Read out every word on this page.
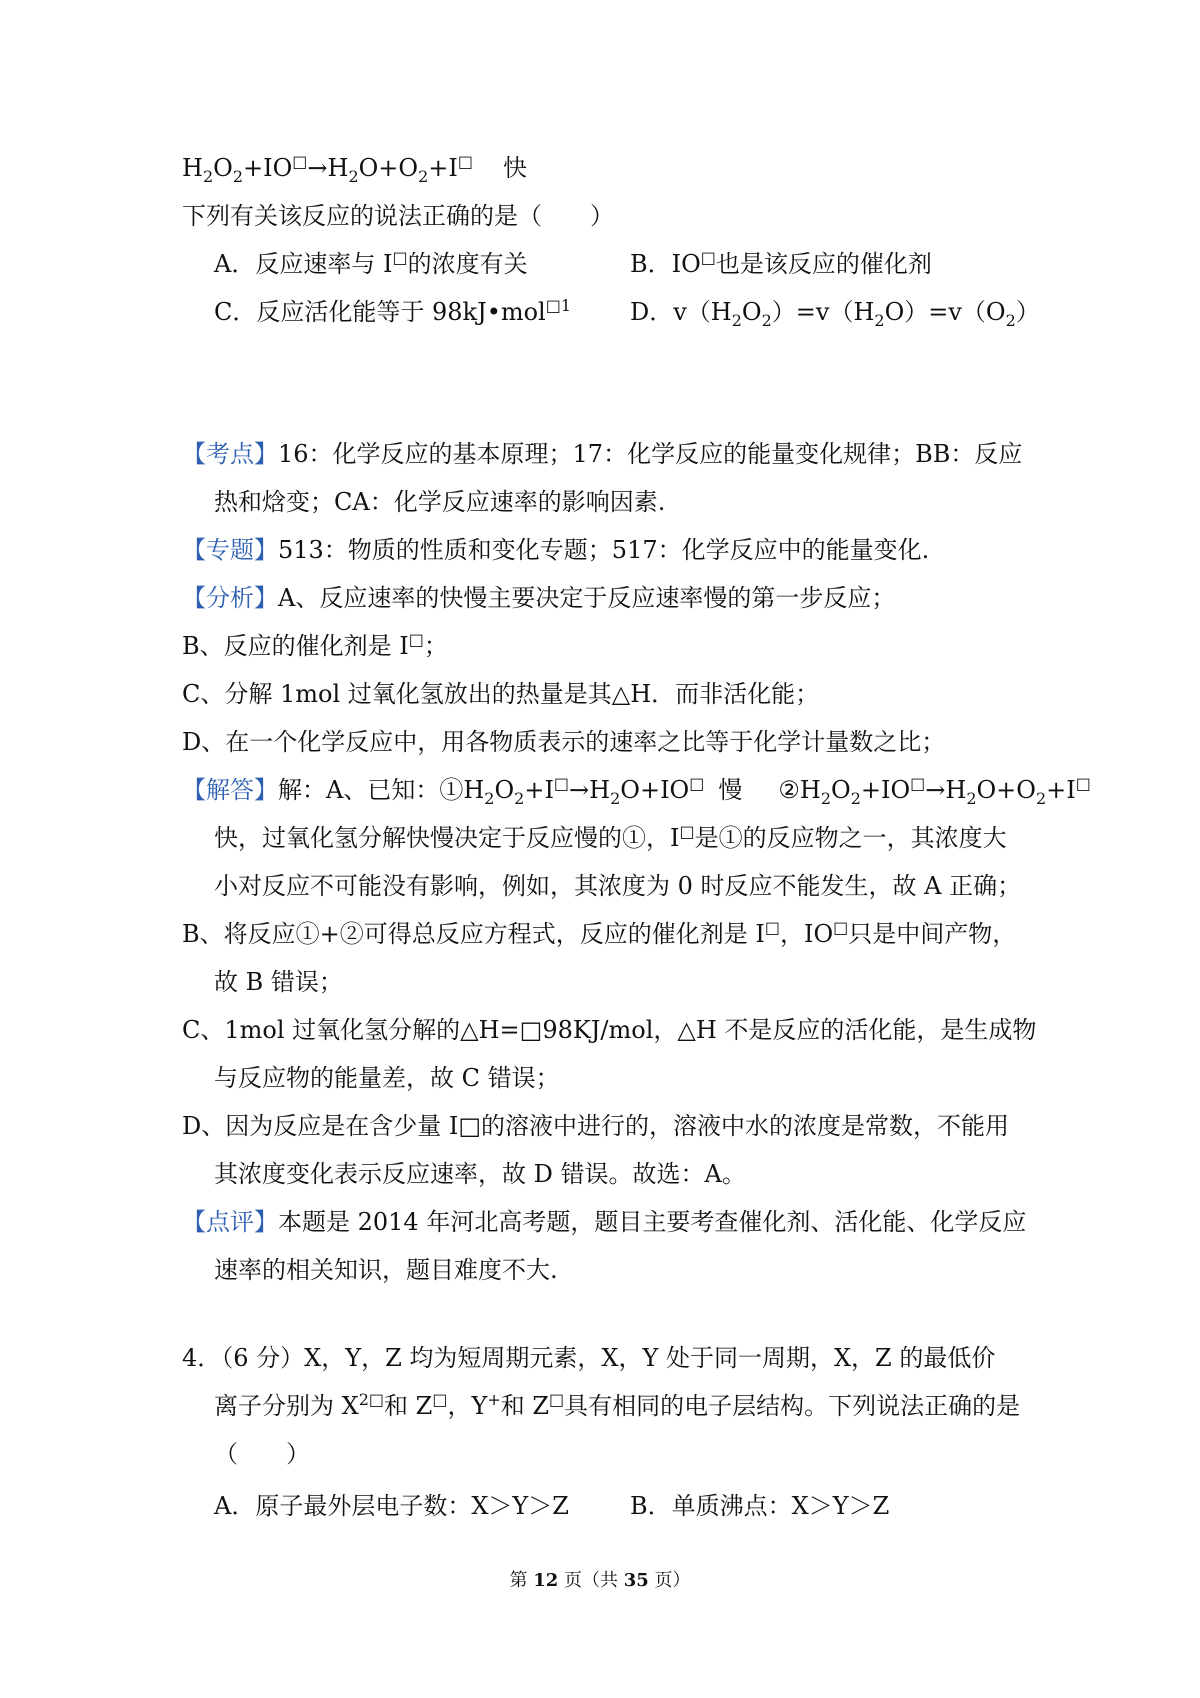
$H_2O_2+IO^□\to H_2O+O_2+I^□$ 快
下列有关该反应的说法正确的是（　　）
A．反应速率与 I□的浓度有关	B．IO□也是该反应的催化剂
C．反应活化能等于 98kJ•mol$^{□1}$ D．$v(H_2O_2)=v(H_2O)=v(O_2)$
【考点】16：化学反应的基本原理；17：化学反应的能量变化规律；BB：反应
热和焓变；CA：化学反应速率的影响因素.
【专题】513：物质的性质和变化专题；517：化学反应中的能量变化.
【分析】A、反应速率的快慢主要决定于反应速率慢的第一步反应；
B、反应的催化剂是 I□；
C、分解 1mol 过氧化氢放出的热量是其△H．而非活化能；
D、在一个化学反应中，用各物质表示的速率之比等于化学计量数之比；
【解答】解：A、已知：$①H_2O_2+I^□\to H_2O+IO^□$ 慢 $②H_2O_2+IO^□\to H_2O+O_2+I^□$
快，过氧化氢分解快慢决定于反应慢的①，I□是①的反应物之一，其浓度大
小对反应不可能没有影响，例如，其浓度为 0 时反应不能发生，故 A 正确；
B、将反应①+②可得总反应方程式，反应的催化剂是 I□，IO□只是中间产物，
故 B 错误；
C、1mol 过氧化氢分解的△H=□98KJ/mol，△H 不是反应的活化能，是生成物
与反应物的能量差，故 C 错误；
D、因为反应是在含少量 I□的溶液中进行的，溶液中水的浓度是常数，不能用
其浓度变化表示反应速率，故 D 错误。故选：A。
【点评】本题是 2014 年河北高考题，题目主要考查催化剂、活化能、化学反应
速率的相关知识，题目难度不大.
4．（6 分）X，Y，Z 均为短周期元素，X，Y 处于同一周期，X，Z 的最低价
离子分别为 $X^{2□}$和 Z□，Y+和 Z□具有相同的电子层结构。下列说法正确的是
（　　）
A．原子最外层电子数：X＞Y＞Z	B．单质沸点：X＞Y＞Z
第 12 页（共 35 页）
